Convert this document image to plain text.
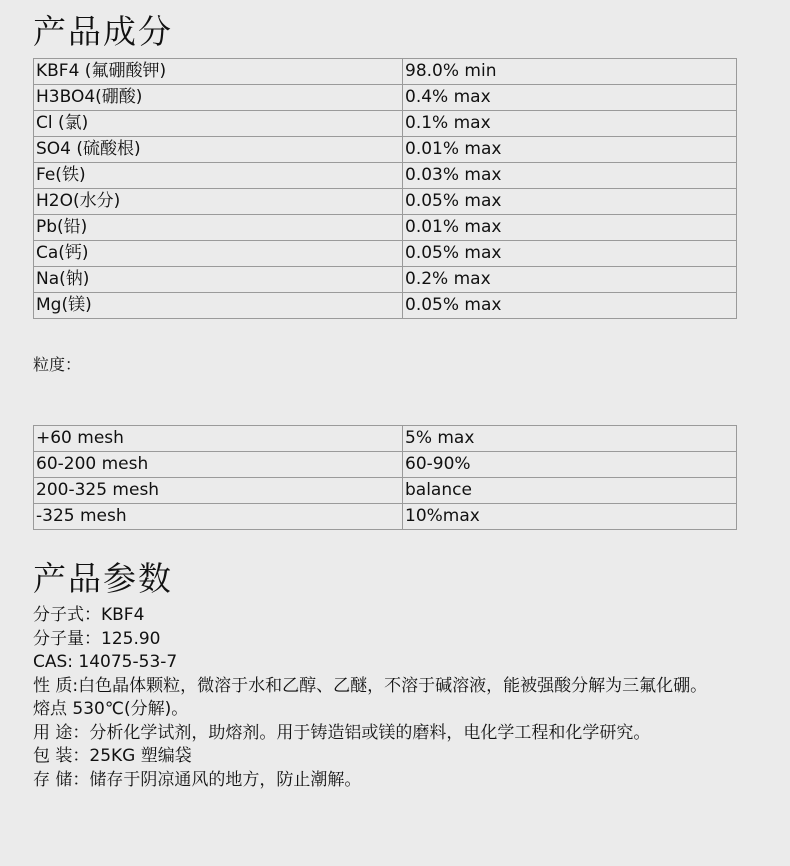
产品成分
KBF4 (氟硼酸钾)	98.0% min
H3BO4(硼酸)	0.4% max
Cl (氯)	0.1% max
SO4 (硫酸根)	0.01% max
Fe(铁)	0.03% max
H2O(水分)	0.05% max
Pb(铅)	0.01% max
Ca(钙)	0.05% max
Na(钠)	0.2% max
Mg(镁)	0.05% max
粒度：
+60 mesh	5% max
60-200 mesh	60-90%
200-325 mesh	balance
-325 mesh	10%max
产品参数
分子式：KBF4
分子量：125.90
CAS: 14075-53-7
性 质:白色晶体颗粒，微溶于水和乙醇、乙醚，不溶于碱溶液，能被强酸分解为三氟化硼。
熔点 530℃(分解)。
用 途：分析化学试剂，助熔剂。用于铸造铝或镁的磨料，电化学工程和化学研究。
包 装：25KG 塑编袋
存 储：储存于阴凉通风的地方，防止潮解。
